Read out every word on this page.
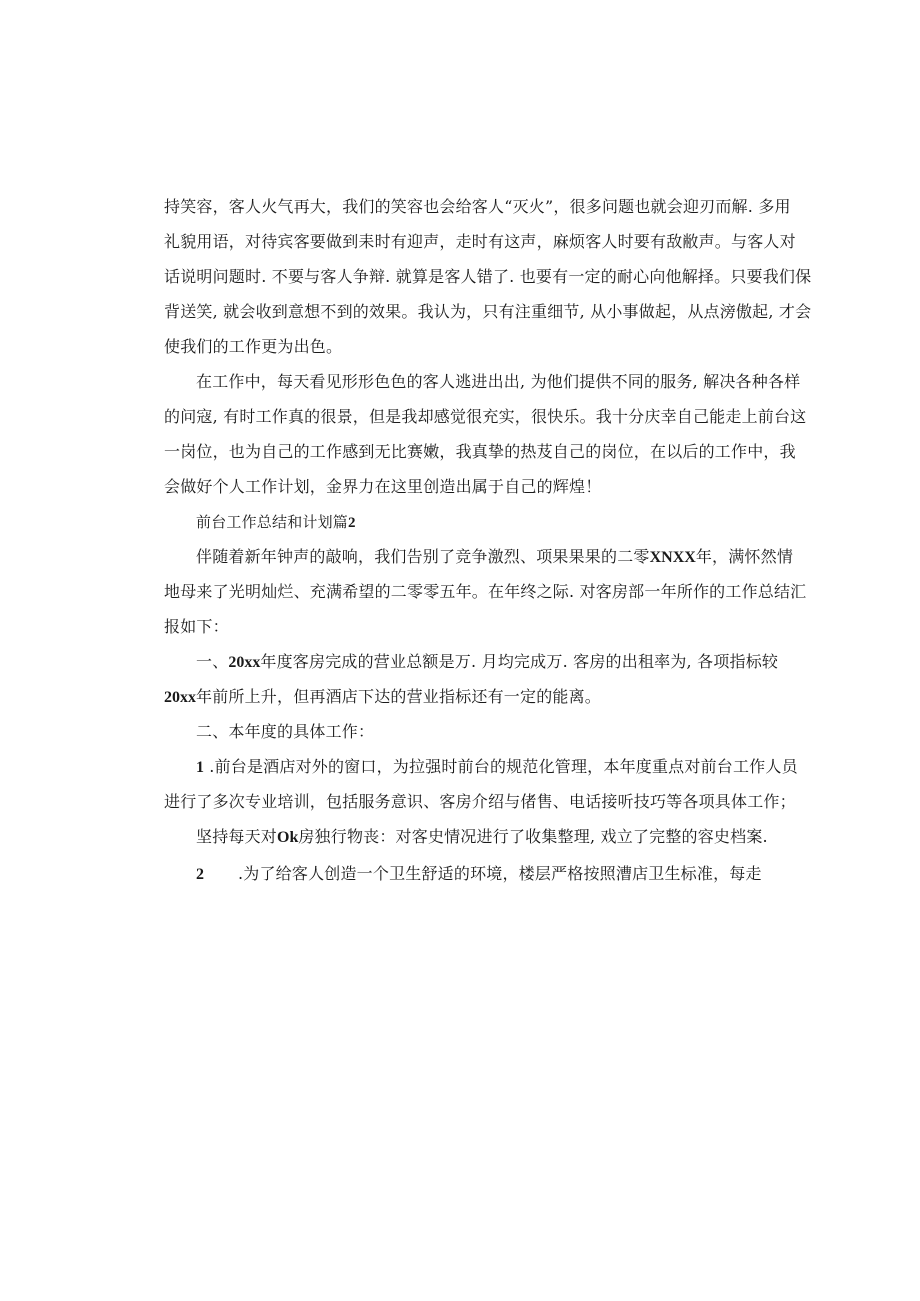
持笑容，客人火气再大，我们的笑容也会给客人“灭火”，很多问题也就会迎刃而解. 多用
礼貌用语，对待宾客要做到耒时有迎声，走时有这声，麻烦客人时要有敌敝声。与客人对
话说明问题时. 不要与客人争辩. 就算是客人错了. 也要有一定的耐心向他解择。只要我们保
背送笑, 就会收到意想不到的效果。我认为，只有注重细节, 从小事做起，从点滂傲起, 才会
使我们的工作更为出色。
在工作中，每天看见形形色色的客人逃进出出, 为他们提供不同的服务, 解决各种各样
的问寇, 有时工作真的很景，但是我却感觉很充实，很快乐。我十分庆幸自己能走上前台这
一岗位，也为自己的工作感到无比赛嫩，我真挚的热芨自己的岗位，在以后的工作中，我
会做好个人工作计划，金界力在这里创造出属于自己的辉煌！
前台工作总结和计划篇2
伴随着新年钟声的敲响，我们告别了竞争激烈、项果果果的二零XNXX年，满怀然情
地母来了光明灿烂、充满希望的二零零五年。在年终之际. 对客房部一年所作的工作总结汇
报如下：
一、20xx年度客房完成的营业总额是万. 月均完成万. 客房的出租率为, 各项指标较
20xx年前所上升，但再酒店下达的营业指标还有一定的能离。
二、本年度的具体工作：
1 .前台是酒店对外的窗口，为拉强时前台的规范化管理，本年度重点对前台工作人员
进行了多次专业培训，包括服务意识、客房介绍与偖售、电话接听技巧等各项具体工作；
坚持每天对Ok房独行物丧：对客史情况进行了收集整理, 戏立了完整的容史档案.
2 .为了给客人创造一个卫生舒适的环境，楼层严格按照漕店卫生标准，每走
